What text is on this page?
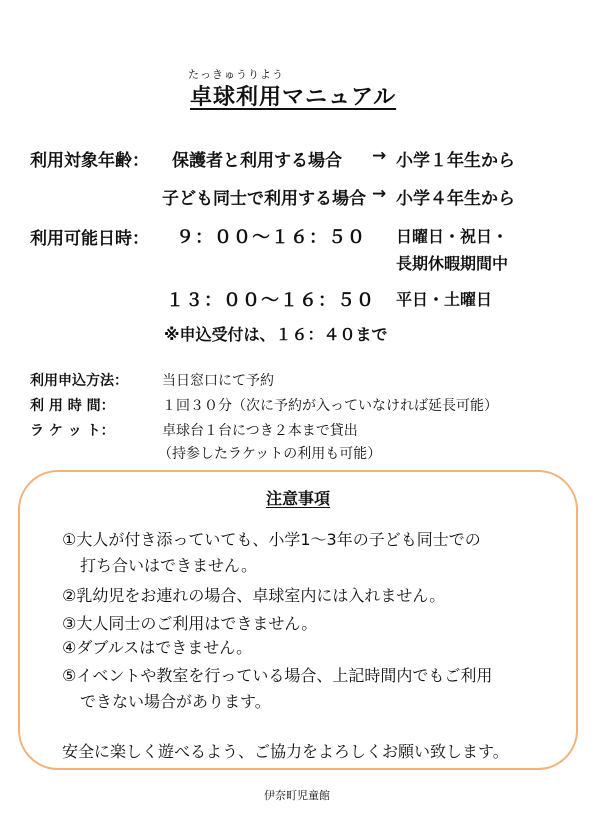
たっきゅうりよう
卓球利用マニュアル
利用対象年齢： 保護者と利用する場合 → 小学１年生から
子ども同士で利用する場合 → 小学４年生から
利用可能日時： ９：００～１６：５０ 日曜日・祝日・
長期休暇期間中
１３：００～１６：５０ 平日・土曜日
※申込受付は、１６：４０まで
利用申込方法： 当日窓口にて予約
利 用 時 間：	１回３０分（次に予約が入っていなければ延長可能）
ラ ケ ッ ト：	卓球台１台につき２本まで貸出
（持参したラケットの利用も可能）
注意事項
①大人が付き添っていても、小学1～3年の子ども同士での
打ち合いはできません。
②乳幼児をお連れの場合、卓球室内には入れません。
③大人同士のご利用はできません。
④ダブルスはできません。
⑤イベントや教室を行っている場合、上記時間内でもご利用
できない場合があります。
安全に楽しく遊べるよう、ご協力をよろしくお願い致します。
伊奈町児童館
